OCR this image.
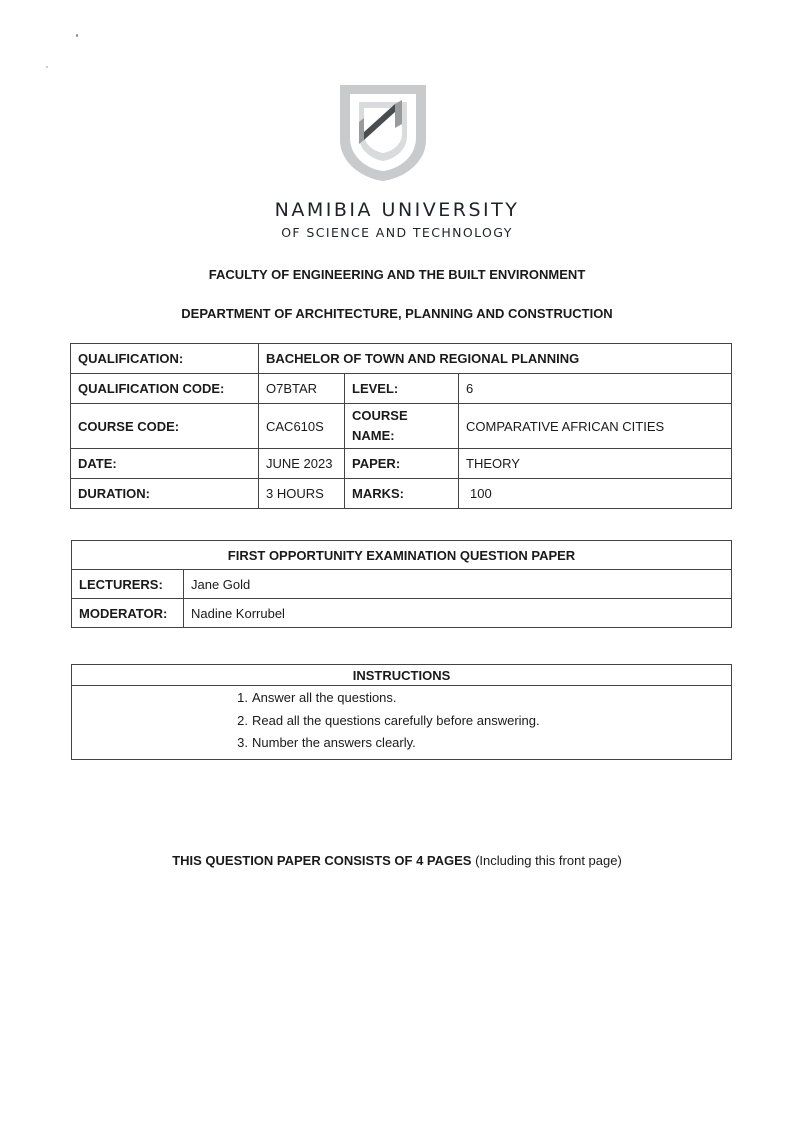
NAMIBIA UNIVERSITY
OF SCIENCE AND TECHNOLOGY
FACULTY OF ENGINEERING AND THE BUILT ENVIRONMENT
DEPARTMENT OF ARCHITECTURE, PLANNING AND CONSTRUCTION
QUALIFICATION:	BACHELOR OF TOWN AND REGIONAL PLANNING		
QUALIFICATION CODE:	O7BTAR	LEVEL:	6
COURSE CODE:	CAC610S	COURSE NAME:	COMPARATIVE AFRICAN CITIES
DATE:	JUNE 2023	PAPER:	THEORY
DURATION:	3 HOURS	MARKS:	100
FIRST OPPORTUNITY EXAMINATION QUESTION PAPER	
LECTURERS:	Jane Gold
MODERATOR:	Nadine Korrubel
INSTRUCTIONS

1. Answer all the questions.
2. Read all the questions carefully before answering.
3. Number the answers clearly.
THIS QUESTION PAPER CONSISTS OF 4 PAGES (Including this front page)
